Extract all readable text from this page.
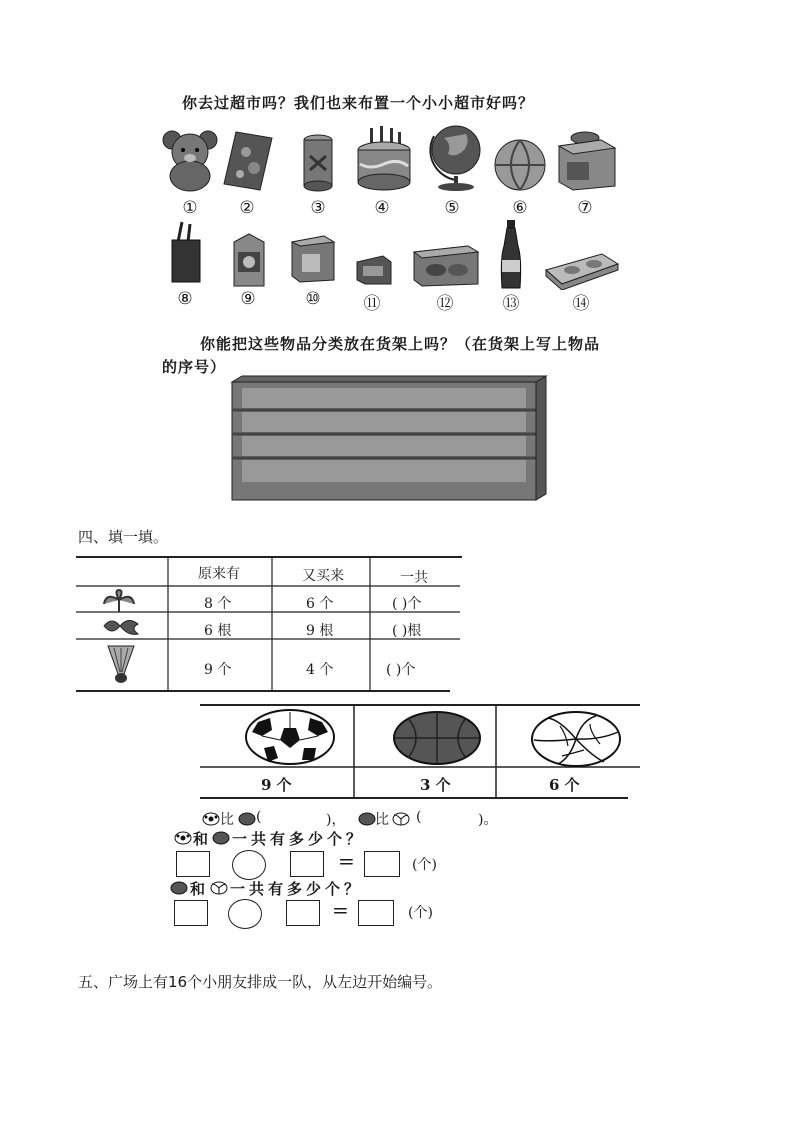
你去过超市吗？我们也来布置一个小小超市好吗？
①	②	③	④	⑤	⑥	⑦
⑧	⑨	⑩	⑪	⑫	⑬	⑭
你能把这些物品分类放在货架上吗？（在货架上写上物品
的序号）
四、填一填。
原来有	又买来	一共
8 个	6 个	( )个
6 根	9 根	( )根
9 个	4 个	( )个
9 个	3 个	6 个
比 (	)， 比 (	)。
和 一共有多少个？
=	(个)
和 一共有多少个？
=	(个)
五、广场上有16个小朋友排成一队，从左边开始编号。
